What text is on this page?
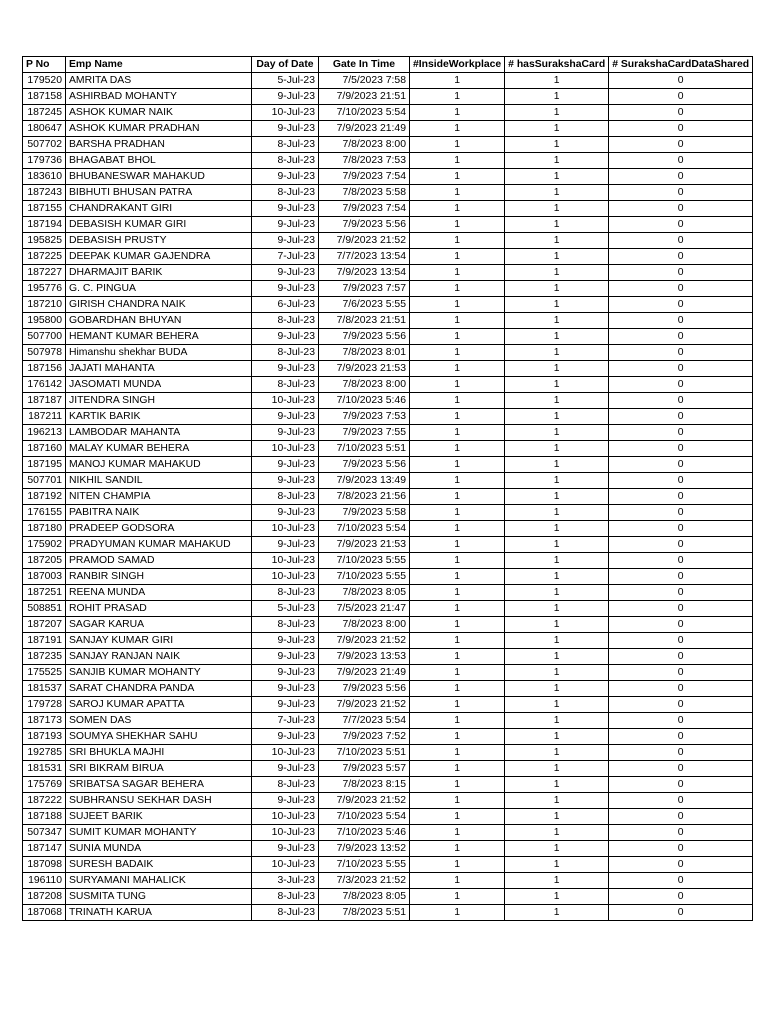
P No	Emp Name	Day of Date	Gate In Time	#InsideWorkplace	# hasSurakshaCard	# SurakshaCardDataShared
179520	AMRITA DAS	5-Jul-23	7/5/2023 7:58	1	1	0
187158	ASHIRBAD MOHANTY	9-Jul-23	7/9/2023 21:51	1	1	0
187245	ASHOK KUMAR NAIK	10-Jul-23	7/10/2023 5:54	1	1	0
180647	ASHOK KUMAR PRADHAN	9-Jul-23	7/9/2023 21:49	1	1	0
507702	BARSHA PRADHAN	8-Jul-23	7/8/2023 8:00	1	1	0
179736	BHAGABAT BHOL	8-Jul-23	7/8/2023 7:53	1	1	0
183610	BHUBANESWAR MAHAKUD	9-Jul-23	7/9/2023 7:54	1	1	0
187243	BIBHUTI BHUSAN PATRA	8-Jul-23	7/8/2023 5:58	1	1	0
187155	CHANDRAKANT GIRI	9-Jul-23	7/9/2023 7:54	1	1	0
187194	DEBASISH KUMAR GIRI	9-Jul-23	7/9/2023 5:56	1	1	0
195825	DEBASISH PRUSTY	9-Jul-23	7/9/2023 21:52	1	1	0
187225	DEEPAK KUMAR GAJENDRA	7-Jul-23	7/7/2023 13:54	1	1	0
187227	DHARMAJIT BARIK	9-Jul-23	7/9/2023 13:54	1	1	0
195776	G. C. PINGUA	9-Jul-23	7/9/2023 7:57	1	1	0
187210	GIRISH CHANDRA NAIK	6-Jul-23	7/6/2023 5:55	1	1	0
195800	GOBARDHAN BHUYAN	8-Jul-23	7/8/2023 21:51	1	1	0
507700	HEMANT KUMAR BEHERA	9-Jul-23	7/9/2023 5:56	1	1	0
507978	Himanshu shekhar BUDA	8-Jul-23	7/8/2023 8:01	1	1	0
187156	JAJATI MAHANTA	9-Jul-23	7/9/2023 21:53	1	1	0
176142	JASOMATI MUNDA	8-Jul-23	7/8/2023 8:00	1	1	0
187187	JITENDRA SINGH	10-Jul-23	7/10/2023 5:46	1	1	0
187211	KARTIK BARIK	9-Jul-23	7/9/2023 7:53	1	1	0
196213	LAMBODAR MAHANTA	9-Jul-23	7/9/2023 7:55	1	1	0
187160	MALAY KUMAR BEHERA	10-Jul-23	7/10/2023 5:51	1	1	0
187195	MANOJ KUMAR MAHAKUD	9-Jul-23	7/9/2023 5:56	1	1	0
507701	NIKHIL SANDIL	9-Jul-23	7/9/2023 13:49	1	1	0
187192	NITEN CHAMPIA	8-Jul-23	7/8/2023 21:56	1	1	0
176155	PABITRA NAIK	9-Jul-23	7/9/2023 5:58	1	1	0
187180	PRADEEP GODSORA	10-Jul-23	7/10/2023 5:54	1	1	0
175902	PRADYUMAN KUMAR MAHAKUD	9-Jul-23	7/9/2023 21:53	1	1	0
187205	PRAMOD SAMAD	10-Jul-23	7/10/2023 5:55	1	1	0
187003	RANBIR SINGH	10-Jul-23	7/10/2023 5:55	1	1	0
187251	REENA MUNDA	8-Jul-23	7/8/2023 8:05	1	1	0
508851	ROHIT PRASAD	5-Jul-23	7/5/2023 21:47	1	1	0
187207	SAGAR KARUA	8-Jul-23	7/8/2023 8:00	1	1	0
187191	SANJAY KUMAR GIRI	9-Jul-23	7/9/2023 21:52	1	1	0
187235	SANJAY RANJAN NAIK	9-Jul-23	7/9/2023 13:53	1	1	0
175525	SANJIB KUMAR MOHANTY	9-Jul-23	7/9/2023 21:49	1	1	0
181537	SARAT CHANDRA PANDA	9-Jul-23	7/9/2023 5:56	1	1	0
179728	SAROJ KUMAR APATTA	9-Jul-23	7/9/2023 21:52	1	1	0
187173	SOMEN DAS	7-Jul-23	7/7/2023 5:54	1	1	0
187193	SOUMYA SHEKHAR SAHU	9-Jul-23	7/9/2023 7:52	1	1	0
192785	SRI BHUKLA MAJHI	10-Jul-23	7/10/2023 5:51	1	1	0
181531	SRI BIKRAM BIRUA	9-Jul-23	7/9/2023 5:57	1	1	0
175769	SRIBATSA SAGAR BEHERA	8-Jul-23	7/8/2023 8:15	1	1	0
187222	SUBHRANSU SEKHAR DASH	9-Jul-23	7/9/2023 21:52	1	1	0
187188	SUJEET BARIK	10-Jul-23	7/10/2023 5:54	1	1	0
507347	SUMIT KUMAR MOHANTY	10-Jul-23	7/10/2023 5:46	1	1	0
187147	SUNIA MUNDA	9-Jul-23	7/9/2023 13:52	1	1	0
187098	SURESH BADAIK	10-Jul-23	7/10/2023 5:55	1	1	0
196110	SURYAMANI MAHALICK	3-Jul-23	7/3/2023 21:52	1	1	0
187208	SUSMITA TUNG	8-Jul-23	7/8/2023 8:05	1	1	0
187068	TRINATH KARUA	8-Jul-23	7/8/2023 5:51	1	1	0
